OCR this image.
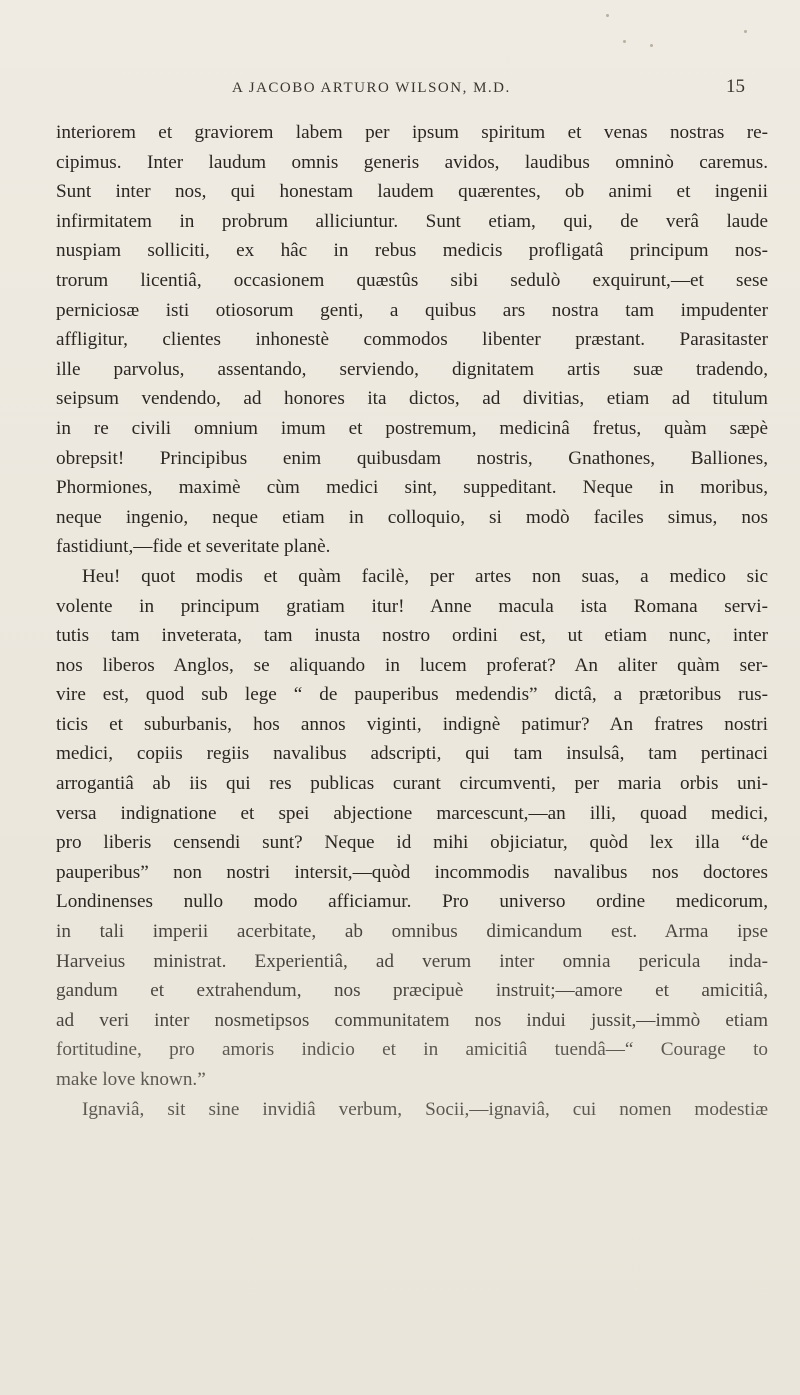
A JACOBO ARTURO WILSON, M.D.	15
interiorem et graviorem labem per ipsum spiritum et venas nostras re-
cipimus. Inter laudum omnis generis avidos, laudibus omninò caremus.
Sunt inter nos, qui honestam laudem quærentes, ob animi et ingenii
infirmitatem in probrum alliciuntur. Sunt etiam, qui, de verâ laude
nuspiam solliciti, ex hâc in rebus medicis profligatâ principum nos-
trorum licentiâ, occasionem quæstûs sibi sedulò exquirunt,—et sese
perniciosæ isti otiosorum genti, a quibus ars nostra tam impudenter
affligitur, clientes inhonestè commodos libenter præstant. Parasitaster
ille parvolus, assentando, serviendo, dignitatem artis suæ tradendo,
seipsum vendendo, ad honores ita dictos, ad divitias, etiam ad titulum
in re civili omnium imum et postremum, medicinâ fretus, quàm sæpè
obrepsit! Principibus enim quibusdam nostris, Gnathones, Balliones,
Phormiones, maximè cùm medici sint, suppeditant. Neque in moribus,
neque ingenio, neque etiam in colloquio, si modò faciles simus, nos
fastidiunt,—fide et severitate planè.
Heu! quot modis et quàm facilè, per artes non suas, a medico sic
volente in principum gratiam itur! Anne macula ista Romana servi-
tutis tam inveterata, tam inusta nostro ordini est, ut etiam nunc, inter
nos liberos Anglos, se aliquando in lucem proferat? An aliter quàm ser-
vire est, quod sub lege “ de pauperibus medendis” dictâ, a prætoribus rus-
ticis et suburbanis, hos annos viginti, indignè patimur? An fratres nostri
medici, copiis regiis navalibus adscripti, qui tam insulsâ, tam pertinaci
arrogantiâ ab iis qui res publicas curant circumventi, per maria orbis uni-
versa indignatione et spei abjectione marcescunt,—an illi, quoad medici,
pro liberis censendi sunt? Neque id mihi objiciatur, quòd lex illa “de
pauperibus” non nostri intersit,—quòd incommodis navalibus nos doctores
Londinenses nullo modo afficiamur. Pro universo ordine medicorum,
in tali imperii acerbitate, ab omnibus dimicandum est. Arma ipse
Harveius ministrat. Experientiâ, ad verum inter omnia pericula inda-
gandum et extrahendum, nos præcipuè instruit;—amore et amicitiâ,
ad veri inter nosmetipsos communitatem nos indui jussit,—immò etiam
fortitudine, pro amoris indicio et in amicitiâ tuendâ—“ Courage to
make love known.”
Ignaviâ, sit sine invidiâ verbum, Socii,—ignaviâ, cui nomen modestiæ
